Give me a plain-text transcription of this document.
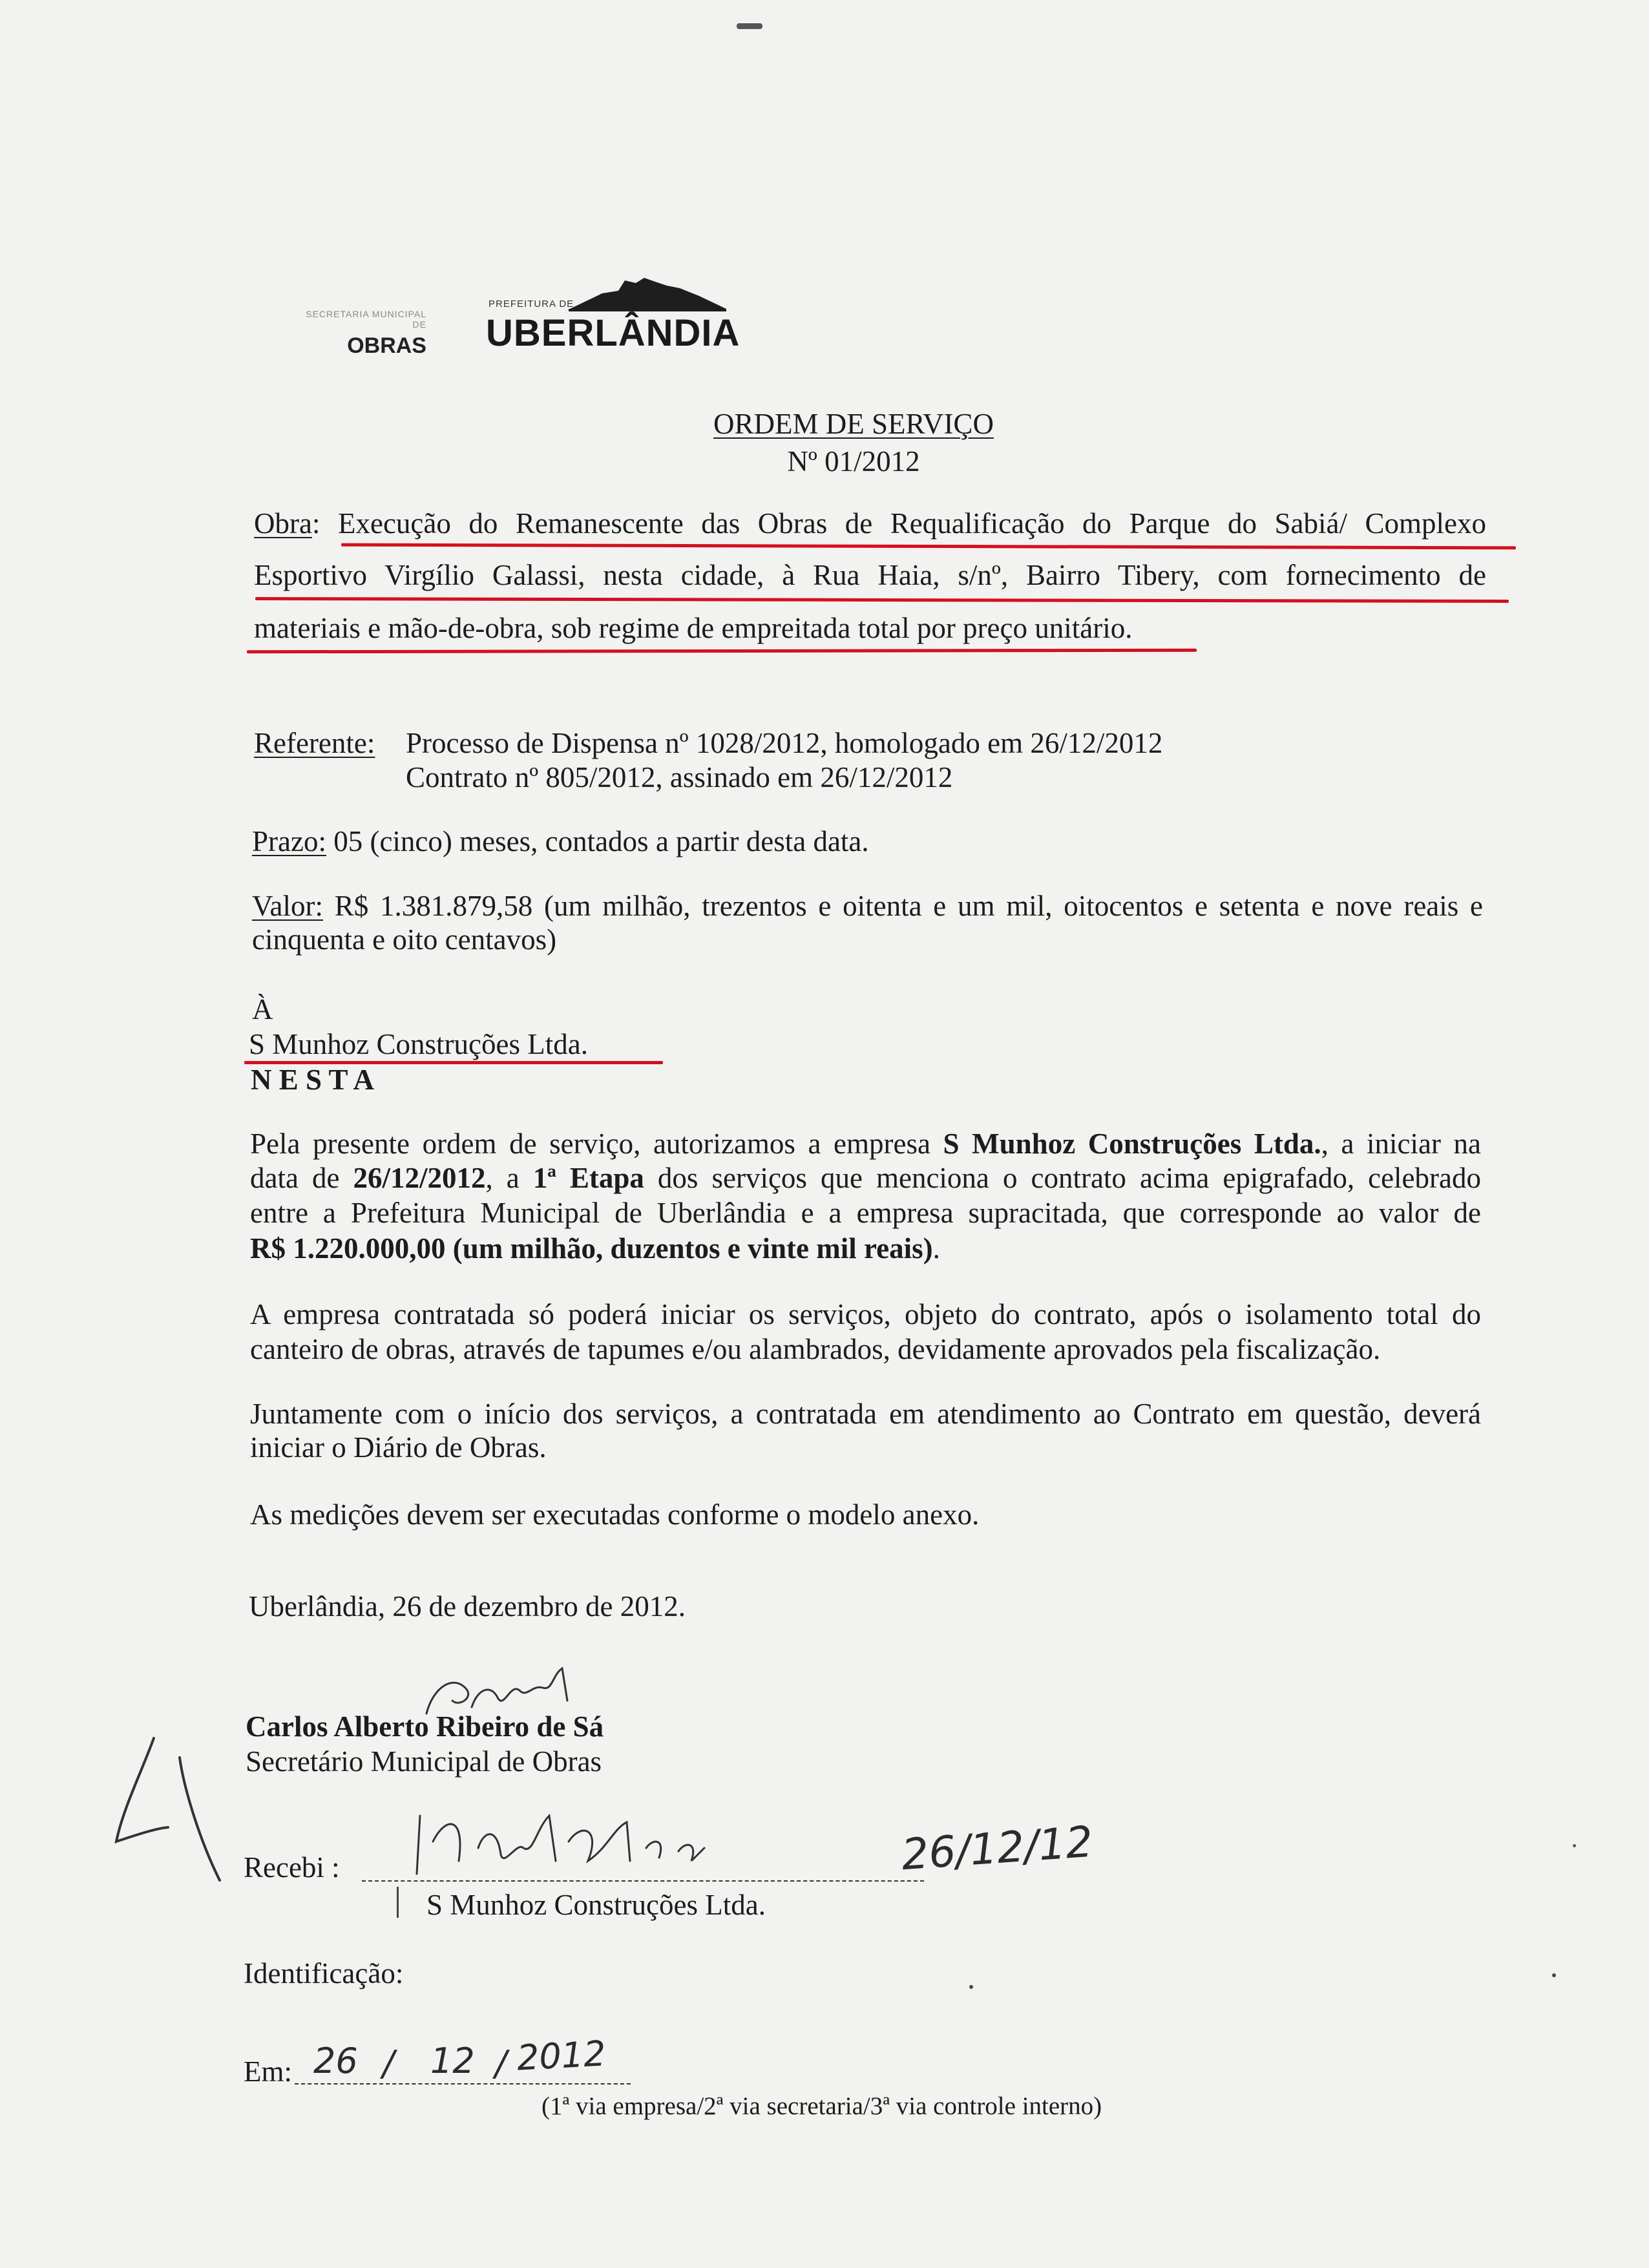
SECRETARIA MUNICIPAL DE
OBRAS
PREFEITURA DE
UBERLÂNDIA
ORDEM DE SERVIÇO
Nº 01/2012
Obra: Execução do Remanescente das Obras de Requalificação do Parque do Sabiá/ Complexo
Esportivo Virgílio Galassi, nesta cidade, à Rua Haia, s/nº, Bairro Tibery, com fornecimento de
materiais e mão-de-obra, sob regime de empreitada total por preço unitário.
Referente: Processo de Dispensa nº 1028/2012, homologado em 26/12/2012
Contrato nº 805/2012, assinado em 26/12/2012
Prazo: 05 (cinco) meses, contados a partir desta data.
Valor: R$ 1.381.879,58 (um milhão, trezentos e oitenta e um mil, oitocentos e setenta e nove reais e
cinquenta e oito centavos)
À
S Munhoz Construções Ltda.
N E S T A
Pela presente ordem de serviço, autorizamos a empresa S Munhoz Construções Ltda., a iniciar na
data de 26/12/2012, a 1ª Etapa dos serviços que menciona o contrato acima epigrafado, celebrado
entre a Prefeitura Municipal de Uberlândia e a empresa supracitada, que corresponde ao valor de
R$ 1.220.000,00 (um milhão, duzentos e vinte mil reais).
A empresa contratada só poderá iniciar os serviços, objeto do contrato, após o isolamento total do
canteiro de obras, através de tapumes e/ou alambrados, devidamente aprovados pela fiscalização.
Juntamente com o início dos serviços, a contratada em atendimento ao Contrato em questão, deverá
iniciar o Diário de Obras.
As medições devem ser executadas conforme o modelo anexo.
Uberlândia, 26 de dezembro de 2012.
Carlos Alberto Ribeiro de Sá
Secretário Municipal de Obras
Recebi :	26/12/12
S Munhoz Construções Ltda.
Identificação:
Em: 26 / 12 / 2012
(1ª via empresa/2ª via secretaria/3ª via controle interno)
